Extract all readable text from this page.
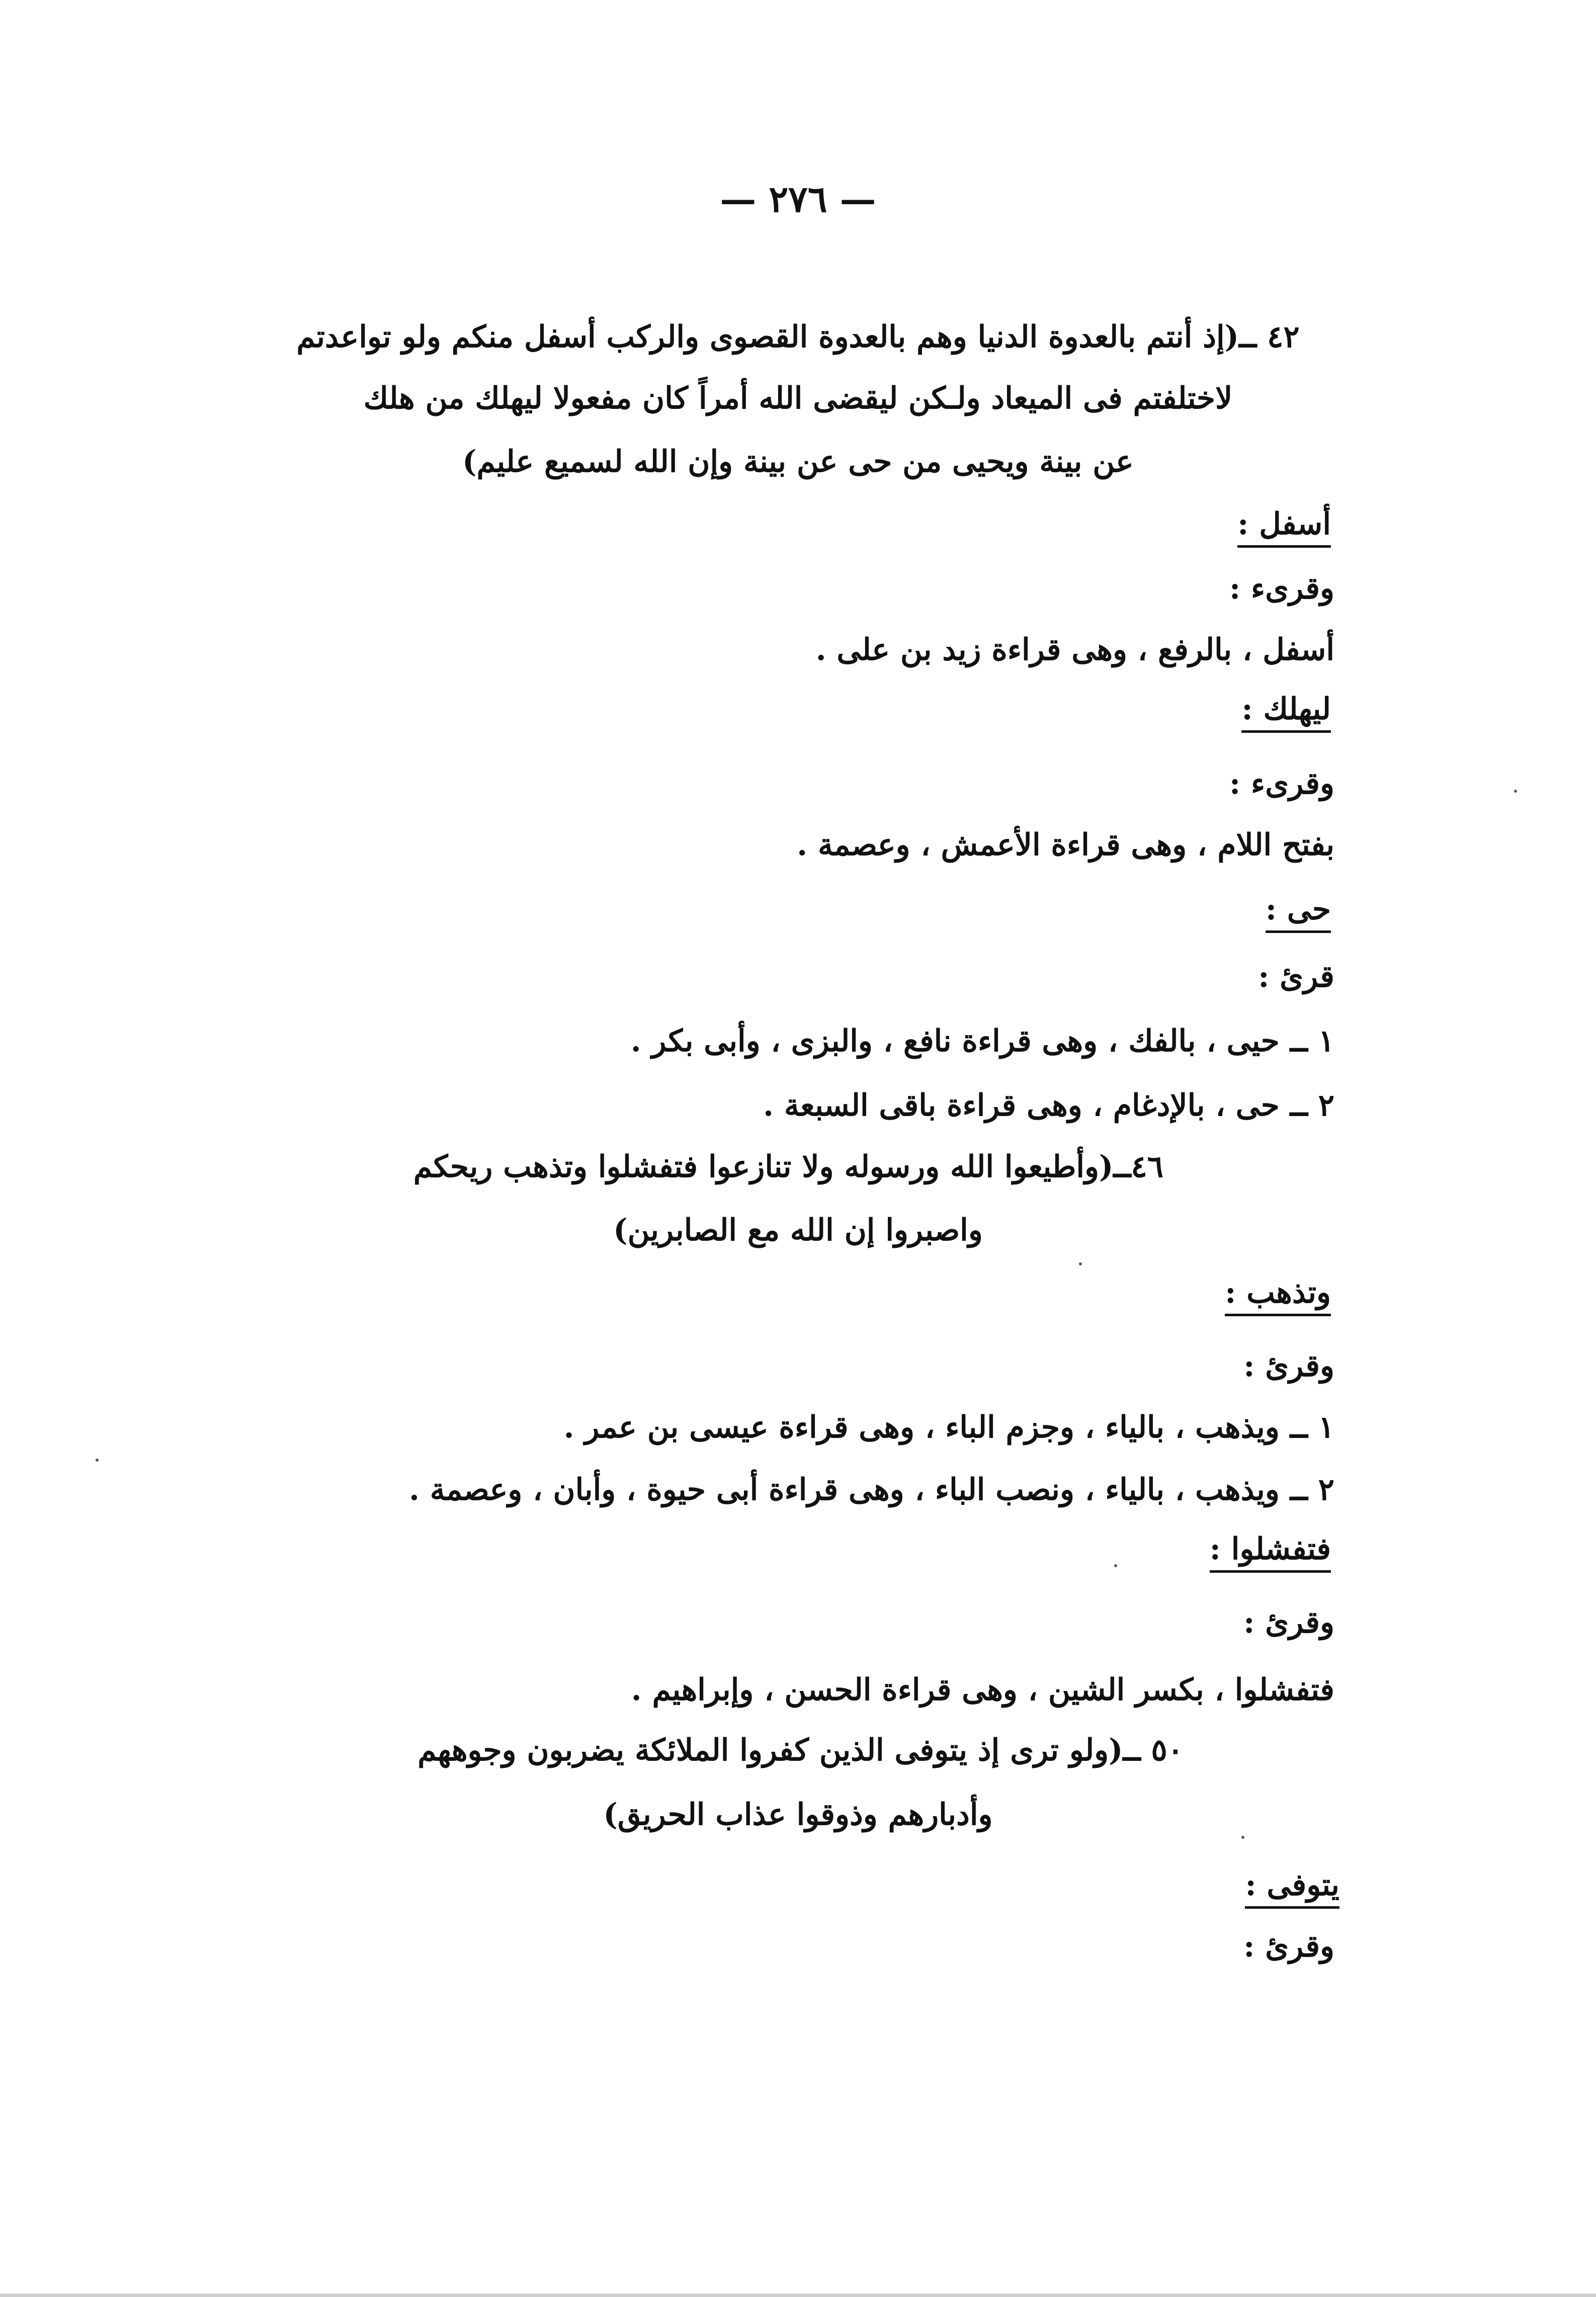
— ٢٧٦ —
٤٢ ــ(إذ أنتم بالعدوة الدنيا وهم بالعدوة القصوى والركب أسفل منكم ولو تواعدتم
لاختلفتم فى الميعاد ولـكن ليقضى الله أمراً كان مفعولا ليهلك من هلك
عن بينة ويحيى من حى عن بينة وإن الله لسميع عليم)
أسفل :
وقرىء :
أسفل ، بالرفع ، وهى قراءة زيد بن على .
ليهلك :
وقرىء :
بفتح اللام ، وهى قراءة الأعمش ، وعصمة .
حى :
قرئ :
١ ــ حيى ، بالفك ، وهى قراءة نافع ، والبزى ، وأبى بكر .
٢ ــ حى ، بالإدغام ، وهى قراءة باقى السبعة .
٤٦ــ(وأطيعوا الله ورسوله ولا تنازعوا فتفشلوا وتذهب ريحكم
واصبروا إن الله مع الصابرين)
وتذهب :
وقرئ :
١ ــ ويذهب ، بالياء ، وجزم الباء ، وهى قراءة عيسى بن عمر .
٢ ــ ويذهب ، بالياء ، ونصب الباء ، وهى قراءة أبى حيوة ، وأبان ، وعصمة .
فتفشلوا :
وقرئ :
فتفشلوا ، بكسر الشين ، وهى قراءة الحسن ، وإبراهيم .
٥٠ ــ(ولو ترى إذ يتوفى الذين كفروا الملائكة يضربون وجوههم
وأدبارهم وذوقوا عذاب الحريق)
يتوفى :
وقرئ :
